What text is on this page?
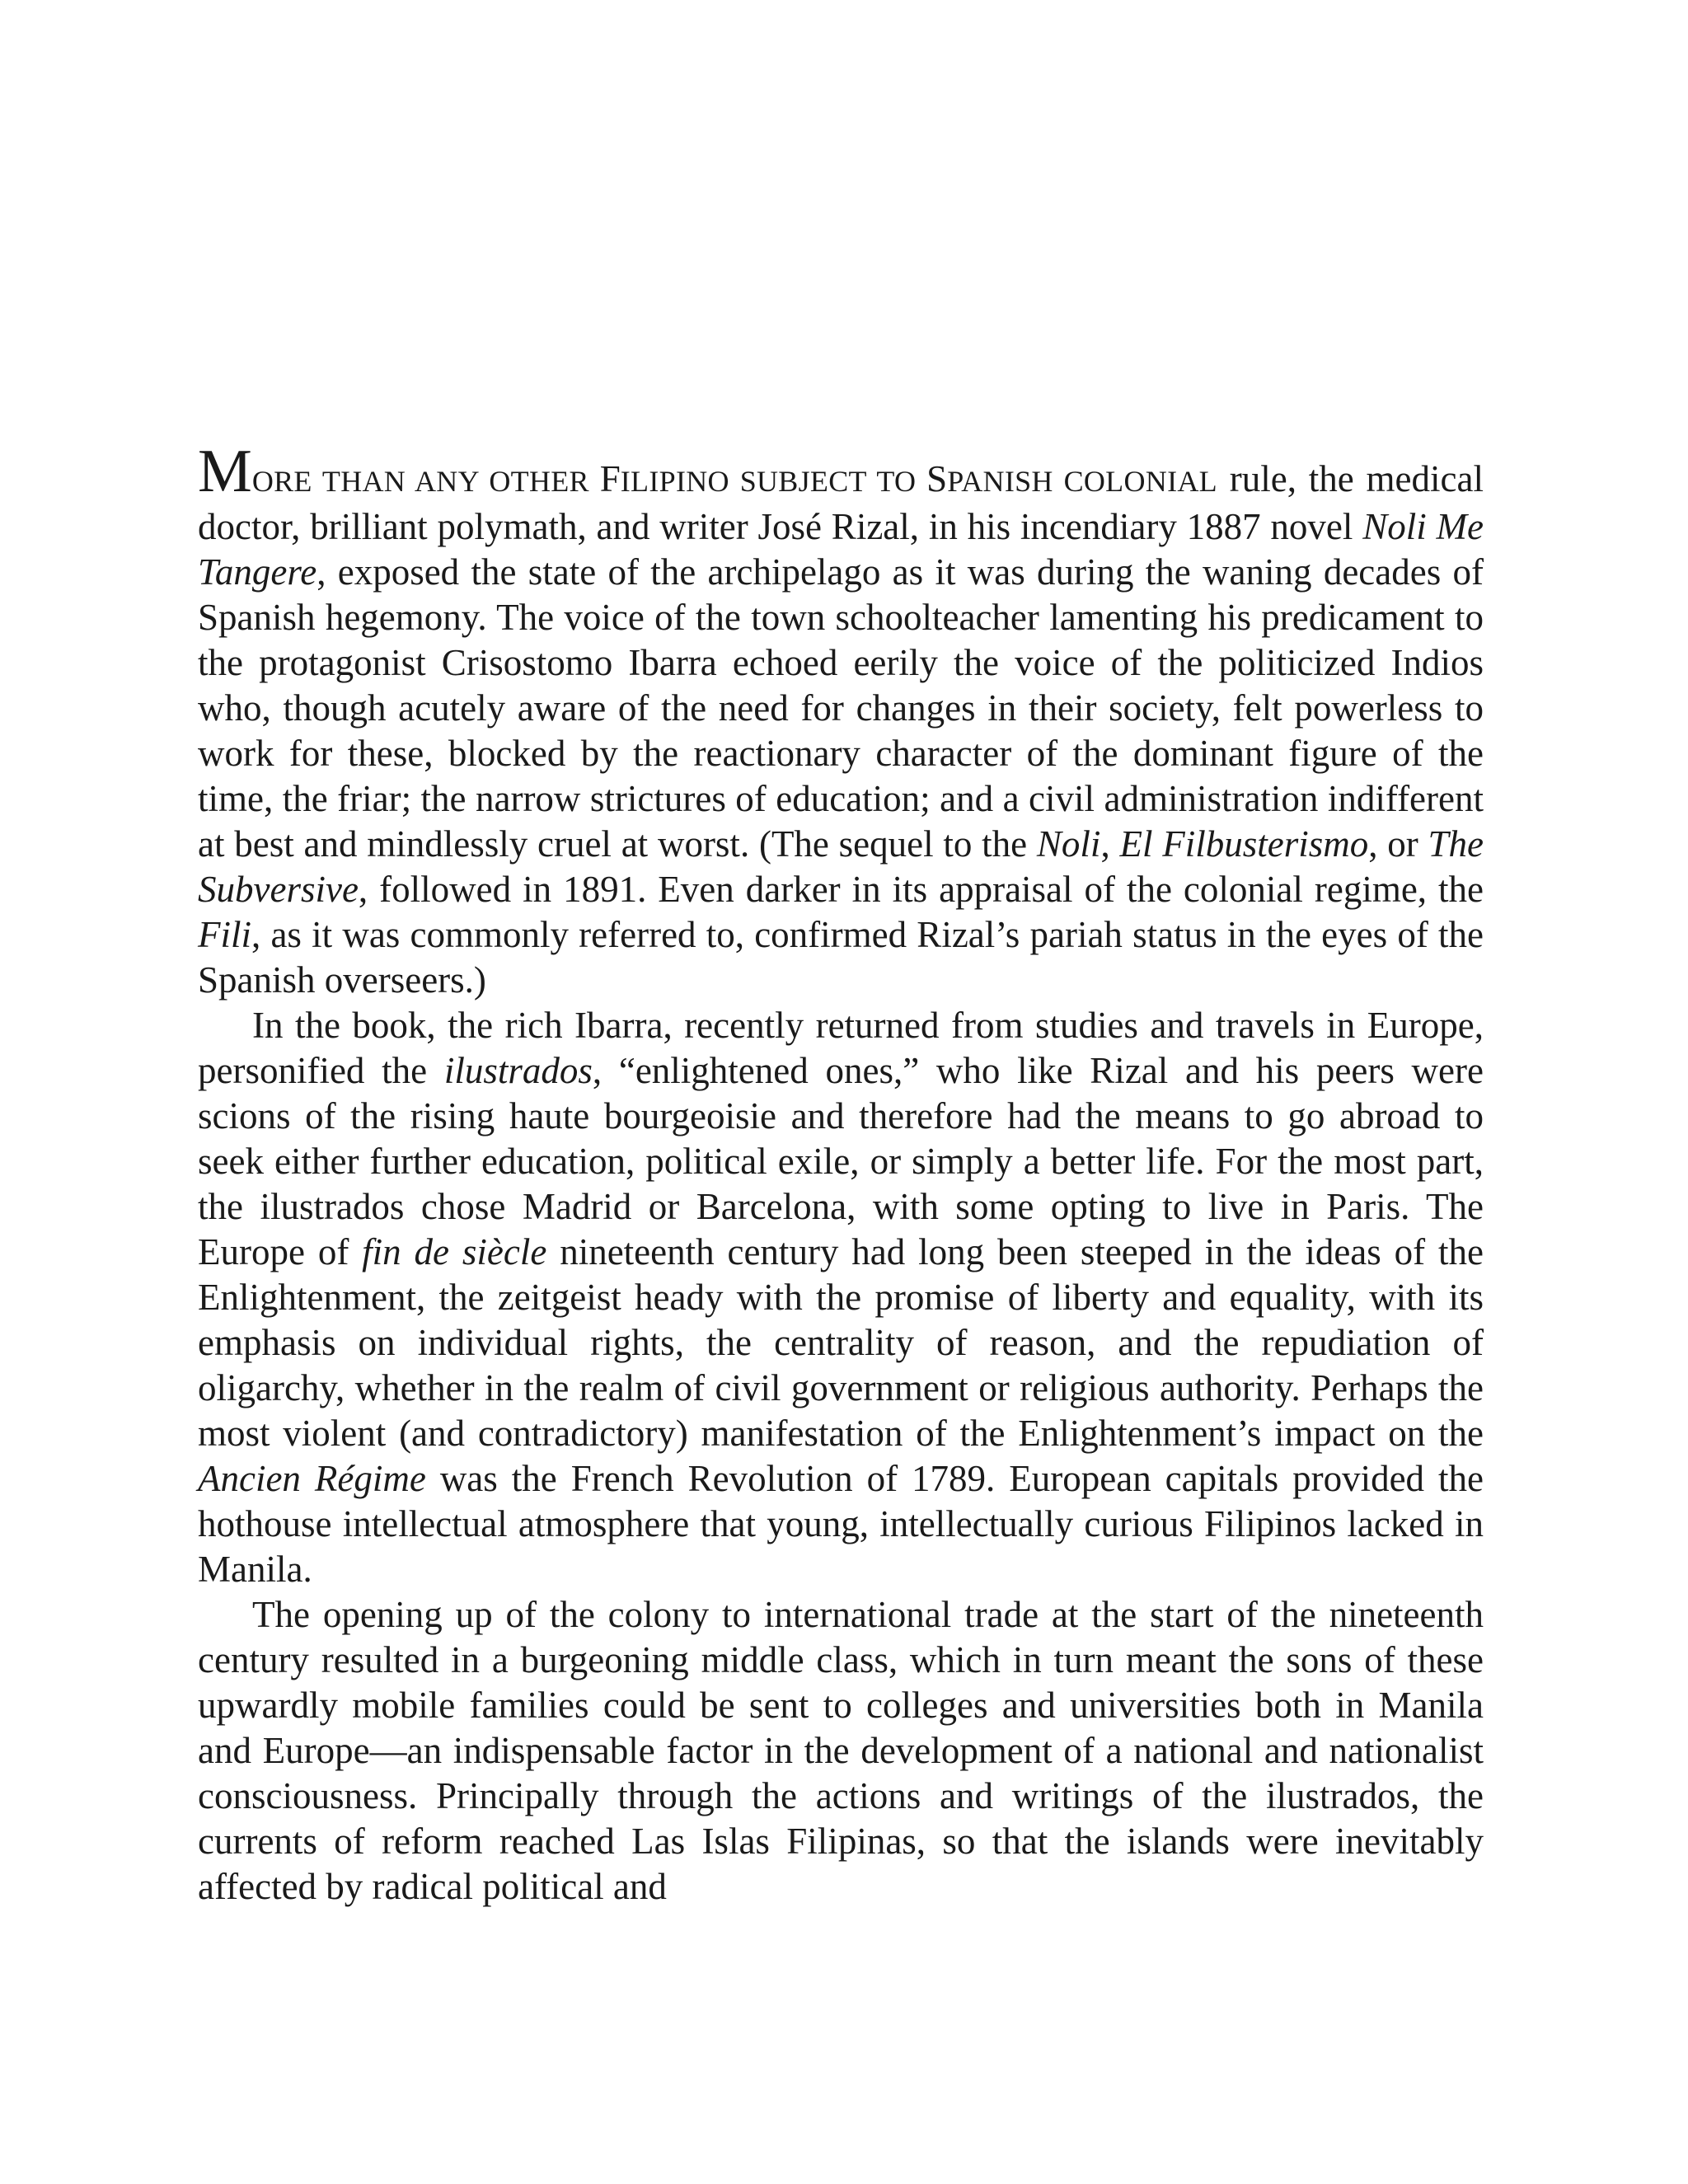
MORE THAN ANY OTHER FILIPINO SUBJECT TO SPANISH COLONIAL rule, the medical doctor, brilliant polymath, and writer José Rizal, in his incendiary 1887 novel Noli Me Tangere, exposed the state of the archipelago as it was during the waning decades of Spanish hegemony. The voice of the town schoolteacher lamenting his predicament to the protagonist Crisostomo Ibarra echoed eerily the voice of the politicized Indios who, though acutely aware of the need for changes in their society, felt powerless to work for these, blocked by the reactionary character of the dominant figure of the time, the friar; the narrow strictures of education; and a civil administration indifferent at best and mindlessly cruel at worst. (The sequel to the Noli, El Filbusterismo, or The Subversive, followed in 1891. Even darker in its appraisal of the colonial regime, the Fili, as it was commonly referred to, confirmed Rizal’s pariah status in the eyes of the Spanish overseers.)

In the book, the rich Ibarra, recently returned from studies and travels in Europe, personified the ilustrados, “enlightened ones,” who like Rizal and his peers were scions of the rising haute bourgeoisie and therefore had the means to go abroad to seek either further education, political exile, or simply a better life. For the most part, the ilustrados chose Madrid or Barcelona, with some opting to live in Paris. The Europe of fin de siècle nineteenth century had long been steeped in the ideas of the Enlightenment, the zeitgeist heady with the promise of liberty and equality, with its emphasis on individual rights, the centrality of reason, and the repudiation of oligarchy, whether in the realm of civil government or religious authority. Perhaps the most violent (and contradictory) manifestation of the Enlightenment’s impact on the Ancien Régime was the French Revolution of 1789. European capitals provided the hothouse intellectual atmosphere that young, intellectually curious Filipinos lacked in Manila.

The opening up of the colony to international trade at the start of the nineteenth century resulted in a burgeoning middle class, which in turn meant the sons of these upwardly mobile families could be sent to colleges and universities both in Manila and Europe—an indispensable factor in the development of a national and nationalist consciousness. Principally through the actions and writings of the ilustrados, the currents of reform reached Las Islas Filipinas, so that the islands were inevitably affected by radical political and
